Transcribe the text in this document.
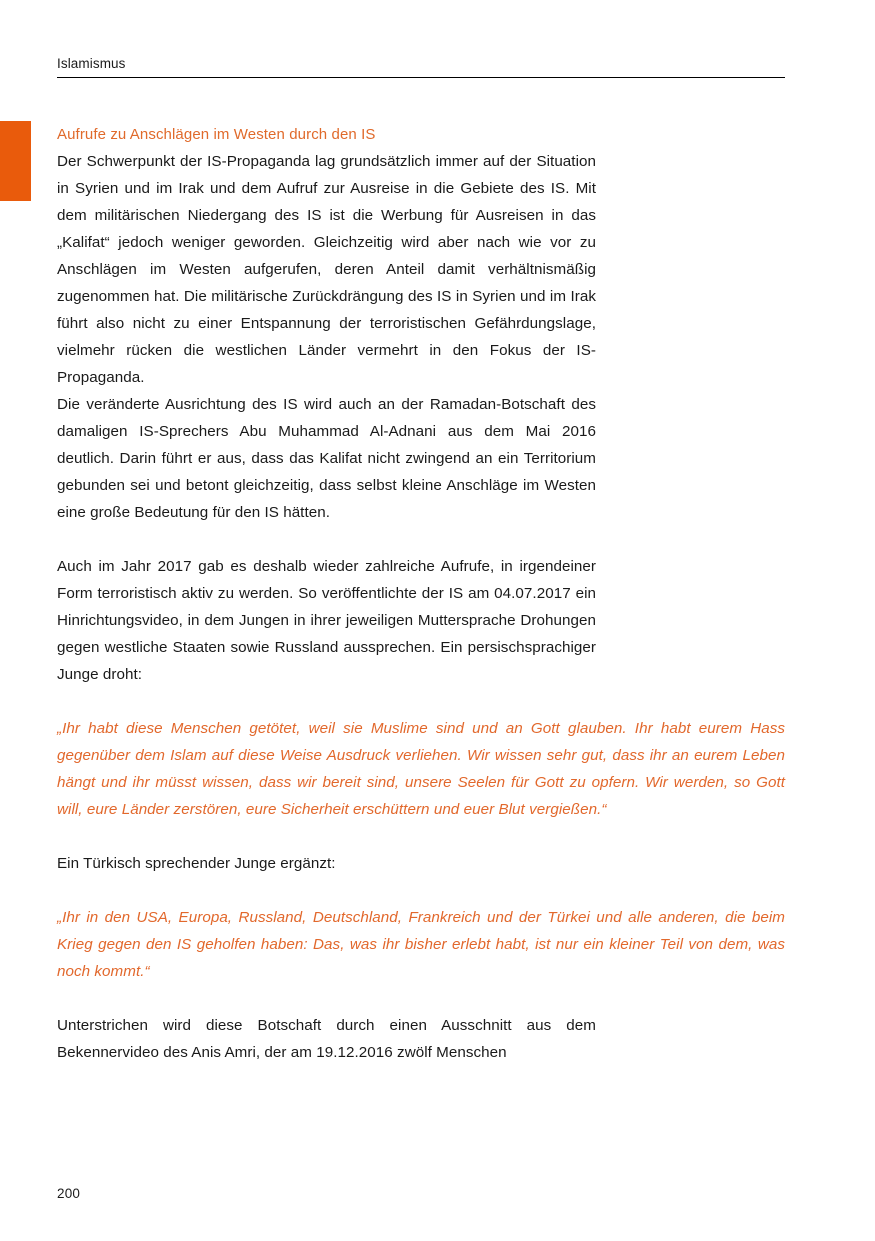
Islamismus
Aufrufe zu Anschlägen im Westen durch den IS

Der Schwerpunkt der IS-Propaganda lag grundsätzlich immer auf der Situation in Syrien und im Irak und dem Aufruf zur Ausreise in die Gebiete des IS. Mit dem militärischen Niedergang des IS ist die Werbung für Ausreisen in das „Kalifat“ jedoch weniger geworden. Gleichzeitig wird aber nach wie vor zu Anschlägen im Westen aufgerufen, deren Anteil damit verhältnismäßig zugenommen hat. Die militärische Zurückdrängung des IS in Syrien und im Irak führt also nicht zu einer Entspannung der terroristischen Gefährdungslage, vielmehr rücken die westlichen Länder vermehrt in den Fokus der IS-Propaganda.

Die veränderte Ausrichtung des IS wird auch an der Ramadan-Botschaft des damaligen IS-Sprechers Abu Muhammad Al-Adnani aus dem Mai 2016 deutlich. Darin führt er aus, dass das Kalifat nicht zwingend an ein Territorium gebunden sei und betont gleichzeitig, dass selbst kleine Anschläge im Westen eine große Bedeutung für den IS hätten.

Auch im Jahr 2017 gab es deshalb wieder zahlreiche Aufrufe, in irgendeiner Form terroristisch aktiv zu werden. So veröffentlichte der IS am 04.07.2017 ein Hinrichtungsvideo, in dem Jungen in ihrer jeweiligen Muttersprache Drohungen gegen westliche Staaten sowie Russland aussprechen. Ein persischsprachiger Junge droht:

„Ihr habt diese Menschen getötet, weil sie Muslime sind und an Gott glauben. Ihr habt eurem Hass gegenüber dem Islam auf diese Weise Ausdruck verliehen. Wir wissen sehr gut, dass ihr an eurem Leben hängt und ihr müsst wissen, dass wir bereit sind, unsere Seelen für Gott zu opfern. Wir werden, so Gott will, eure Länder zerstören, eure Sicherheit erschüttern und euer Blut vergießen.“

Ein Türkisch sprechender Junge ergänzt:

„Ihr in den USA, Europa, Russland, Deutschland, Frankreich und der Türkei und alle anderen, die beim Krieg gegen den IS geholfen haben: Das, was ihr bisher erlebt habt, ist nur ein kleiner Teil von dem, was noch kommt.“

Unterstrichen wird diese Botschaft durch einen Ausschnitt aus dem Bekennervideo des Anis Amri, der am 19.12.2016 zwölf Menschen

200
